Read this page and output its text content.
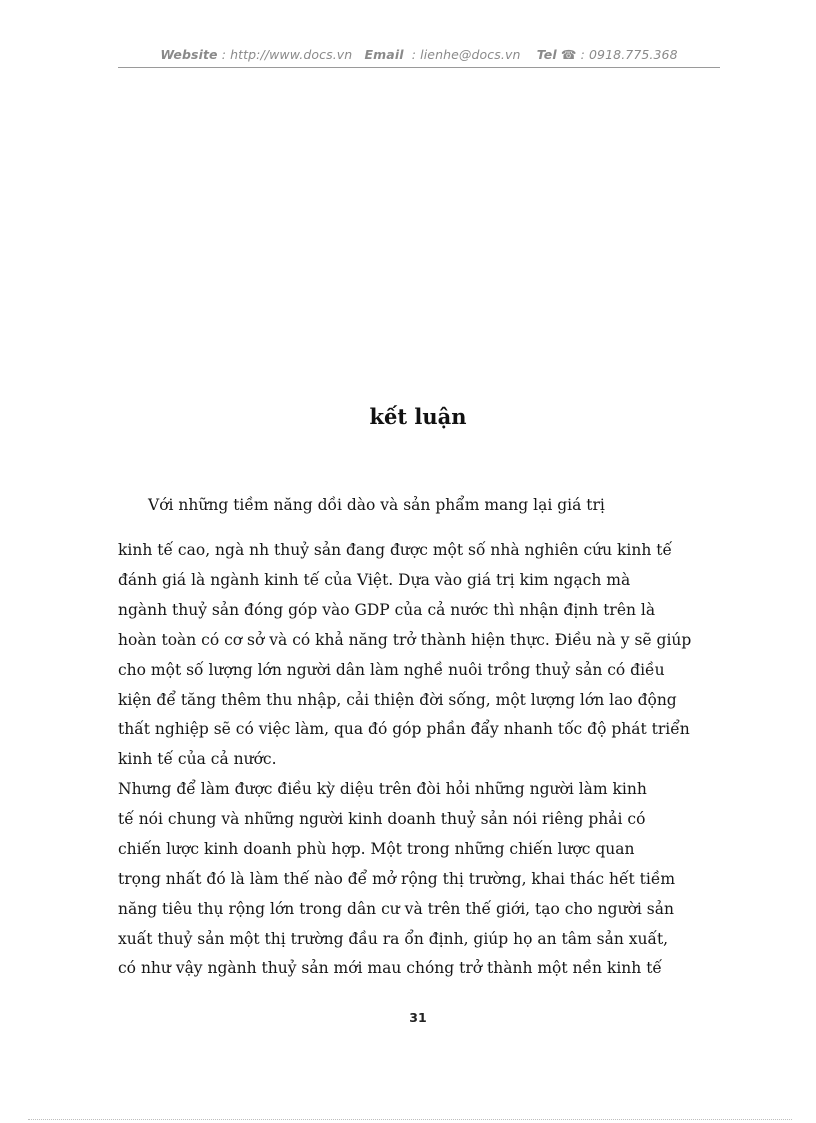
Website : http://www.docs.vn Email : lienhe@docs.vn Tel ☎ : 0918.775.368
kết luận
Với những tiềm năng dồi dào và sản phẩm mang lại giá trị
kinh tế cao, ngà nh thuỷ sản đang được một số nhà nghiên cứu kinh tế
đánh giá là ngành kinh tế của Việt. Dựa vào giá trị kim ngạch mà
ngành thuỷ sản đóng góp vào GDP của cả nước thì nhận định trên là
hoàn toàn có cơ sở và có khả năng trở thành hiện thực. Điều nà y sẽ giúp
cho một số lượng lớn người dân làm nghề nuôi trồng thuỷ sản có điều
kiện để tăng thêm thu nhập, cải thiện đời sống, một lượng lớn lao động
thất nghiệp sẽ có việc làm, qua đó góp phần đẩy nhanh tốc độ phát triển
kinh tế của cả nước.
Nhưng để làm được điều kỳ diệu trên đòi hỏi những người làm kinh
tế nói chung và những người kinh doanh thuỷ sản nói riêng phải có
chiến lược kinh doanh phù hợp. Một trong những chiến lược quan
trọng nhất đó là làm thế nào để mở rộng thị trường, khai thác hết tiềm
năng tiêu thụ rộng lớn trong dân cư và trên thế giới, tạo cho người sản
xuất thuỷ sản một thị trường đầu ra ổn định, giúp họ an tâm sản xuất,
có như vậy ngành thuỷ sản mới mau chóng trở thành một nền kinh tế
31
